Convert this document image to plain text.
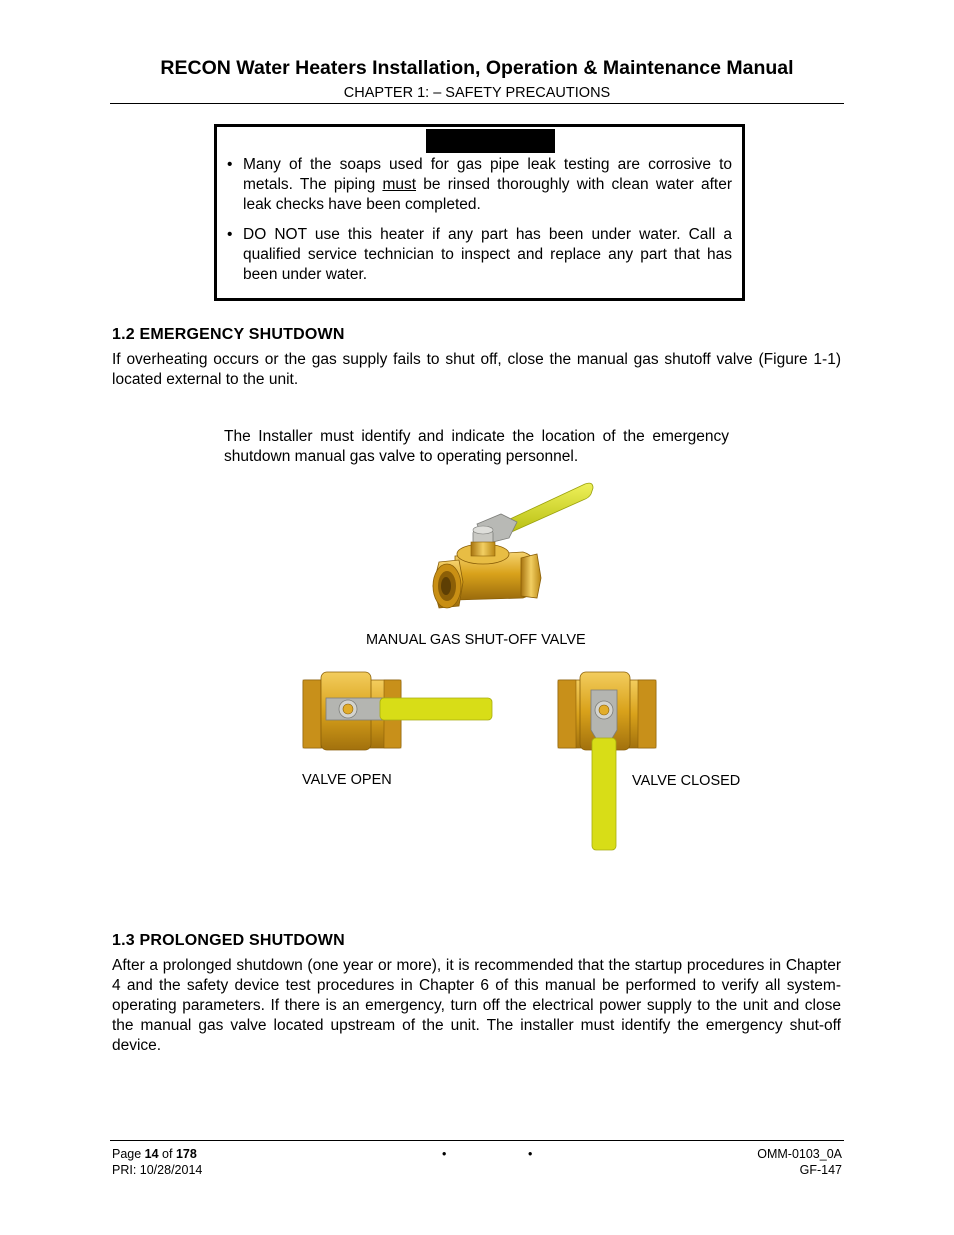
RECON Water Heaters Installation, Operation & Maintenance Manual
CHAPTER 1: – SAFETY PRECAUTIONS
• Many of the soaps used for gas pipe leak testing are corrosive to metals. The piping must be rinsed thoroughly with clean water after leak checks have been completed.
• DO NOT use this heater if any part has been under water. Call a qualified service technician to inspect and replace any part that has been under water.
1.2 EMERGENCY SHUTDOWN
If overheating occurs or the gas supply fails to shut off, close the manual gas shutoff valve (Figure 1-1) located external to the unit.
The Installer must identify and indicate the location of the emergency shutdown manual gas valve to operating personnel.
MANUAL GAS SHUT-OFF VALVE
VALVE OPEN	VALVE CLOSED
1.3 PROLONGED SHUTDOWN
After a prolonged shutdown (one year or more), it is recommended that the startup procedures in Chapter 4 and the safety device test procedures in Chapter 6 of this manual be performed to verify all system-operating parameters. If there is an emergency, turn off the electrical power supply to the unit and close the manual gas valve located upstream of the unit. The installer must identify the emergency shut-off device.
Page 14 of 178
PRI: 10/28/2014
•	•	OMM-0103_0A
GF-147
